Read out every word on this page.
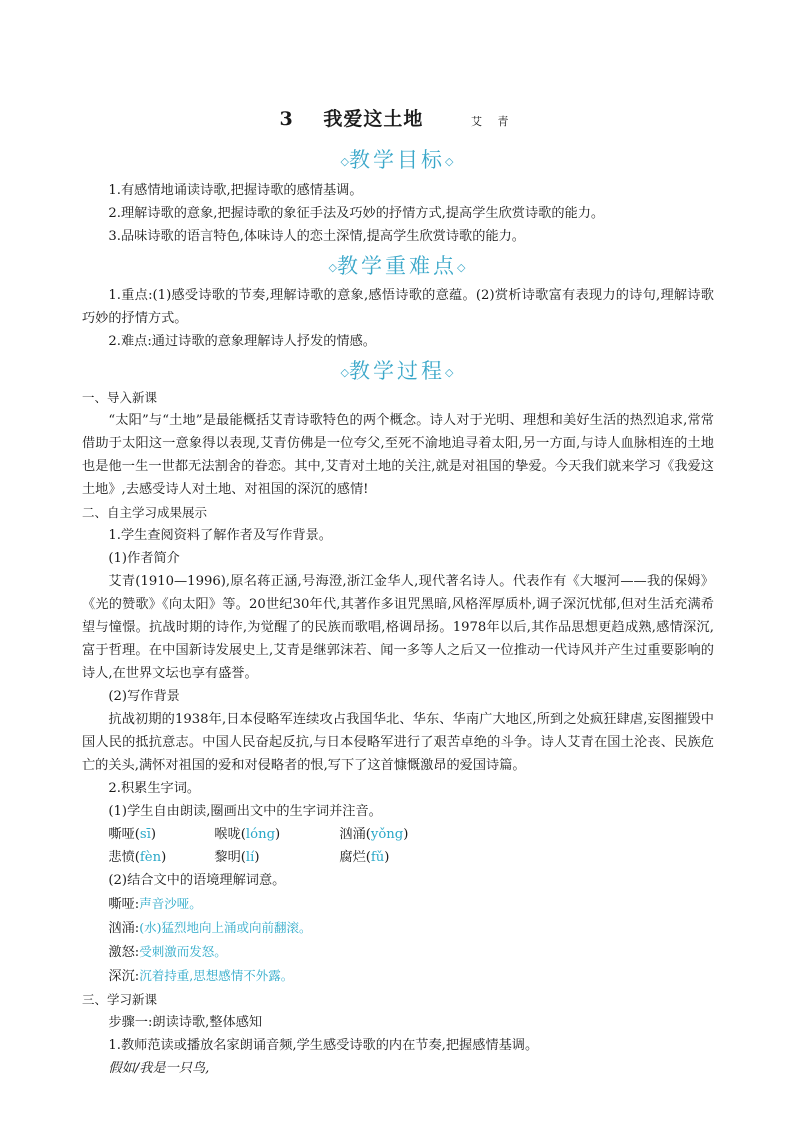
3 我爱这土地	艾 青
◇教学目标◇

1.有感情地诵读诗歌,把握诗歌的感情基调。

2.理解诗歌的意象,把握诗歌的象征手法及巧妙的抒情方式,提高学生欣赏诗歌的能力。

3.品味诗歌的语言特色,体味诗人的恋土深情,提高学生欣赏诗歌的能力。

◇教学重难点◇

1.重点:(1)感受诗歌的节奏,理解诗歌的意象,感悟诗歌的意蕴。(2)赏析诗歌富有表现力的诗句,理解诗歌巧妙的抒情方式。

2.难点:通过诗歌的意象理解诗人抒发的情感。

◇教学过程◇

一、导入新课

“太阳”与“土地”是最能概括艾青诗歌特色的两个概念。诗人对于光明、理想和美好生活的热烈追求,常常借助于太阳这一意象得以表现,艾青仿佛是一位夸父,至死不渝地追寻着太阳,另一方面,与诗人血脉相连的土地也是他一生一世都无法割舍的眷恋。其中,艾青对土地的关注,就是对祖国的挚爱。今天我们就来学习《我爱这土地》,去感受诗人对土地、对祖国的深沉的感情!

二、自主学习成果展示

1.学生查阅资料了解作者及写作背景。

(1)作者简介

艾青(1910—1996),原名蒋正涵,号海澄,浙江金华人,现代著名诗人。代表作有《大堰河——我的保姆》《光的赞歌》《向太阳》等。20世纪30年代,其著作多诅咒黑暗,风格浑厚质朴,调子深沉忧郁,但对生活充满希望与憧憬。抗战时期的诗作,为觉醒了的民族而歌唱,格调昂扬。1978年以后,其作品思想更趋成熟,感情深沉,富于哲理。在中国新诗发展史上,艾青是继郭沫若、闻一多等人之后又一位推动一代诗风并产生过重要影响的诗人,在世界文坛也享有盛誉。

(2)写作背景

抗战初期的1938年,日本侵略军连续攻占我国华北、华东、华南广大地区,所到之处疯狂肆虐,妄图摧毁中国人民的抵抗意志。中国人民奋起反抗,与日本侵略军进行了艰苦卓绝的斗争。诗人艾青在国土沦丧、民族危亡的关头,满怀对祖国的爱和对侵略者的恨,写下了这首慷慨激昂的爱国诗篇。

2.积累生字词。

(1)学生自由朗读,圈画出文中的生字词并注音。

嘶哑(sī)	喉咙(lóng)	汹涌(yǒng)
悲愤(fèn)	黎明(lí)	腐烂(fǔ)

(2)结合文中的语境理解词意。

嘶哑:声音沙哑。

汹涌:(水)猛烈地向上涌或向前翻滚。

激怒:受刺激而发怒。

深沉:沉着持重,思想感情不外露。

三、学习新课

步骤一:朗读诗歌,整体感知

1.教师范读或播放名家朗诵音频,学生感受诗歌的内在节奏,把握感情基调。

假如/我是一只鸟,
